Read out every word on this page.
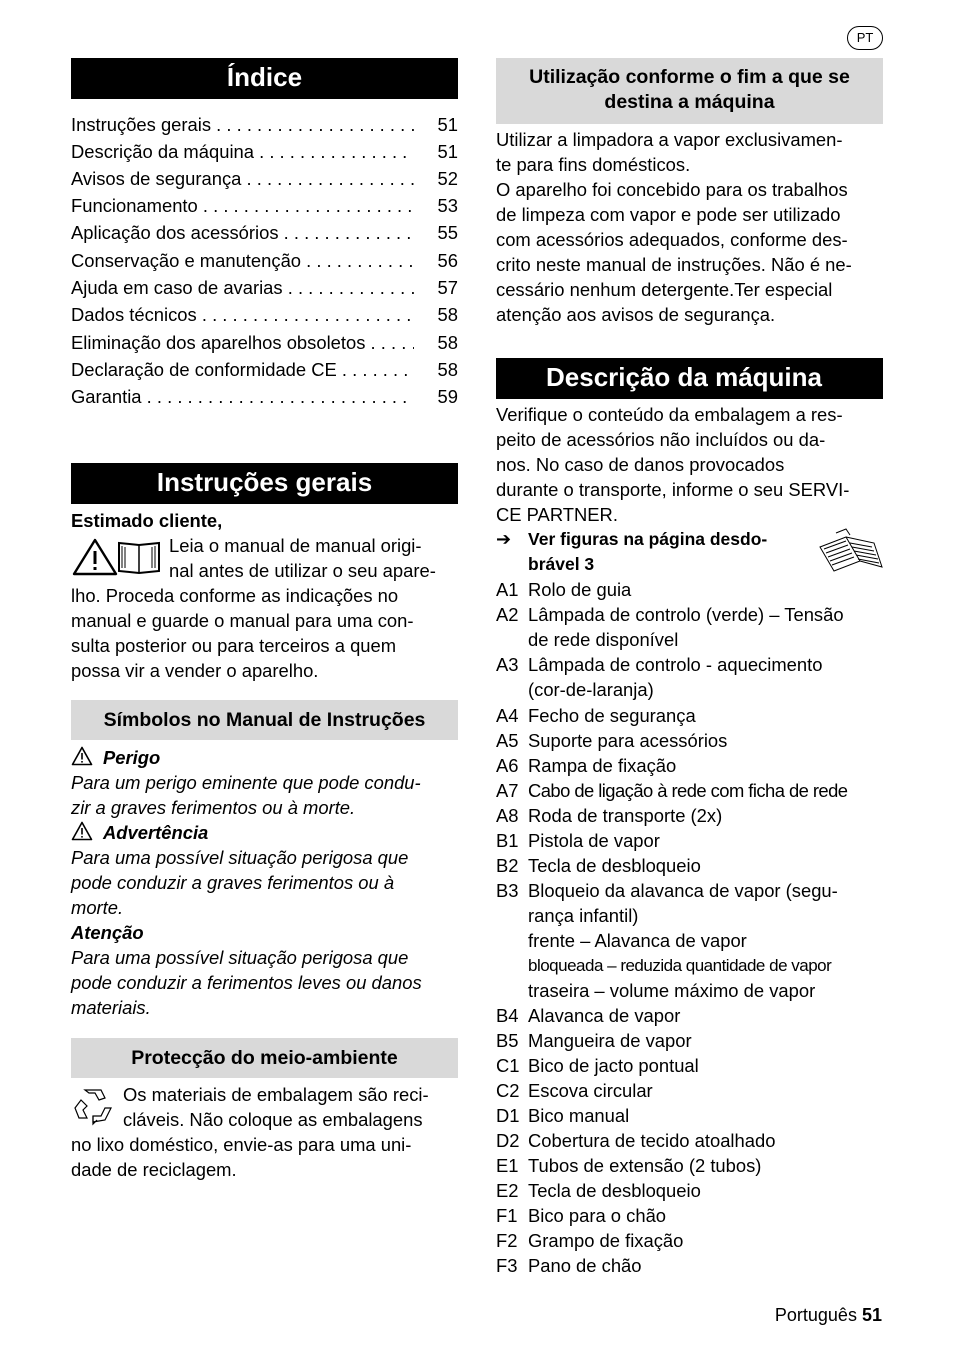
PT
Índice
Instruções gerais . . .	51
Descrição da máquina . . .	51
Avisos de segurança . . .	52
Funcionamento . . .	53
Aplicação dos acessórios . . .	55
Conservação e manutenção . . .	56
Ajuda em caso de avarias . . .	57
Dados técnicos . . .	58
Eliminação dos aparelhos obsoletos . . .	58
Declaração de conformidade CE . . .	58
Garantia . . .	59
Instruções gerais

Estimado cliente,

Leia o manual de manual origi-

nal antes de utilizar o seu apare-

lho. Proceda conforme as indicações no

manual e guarde o manual para uma con-

sulta posterior ou para terceiros a quem

possa vir a vender o aparelho.

Símbolos no Manual de Instruções

Perigo

Para um perigo eminente que pode condu-

zir a graves ferimentos ou à morte.

Advertência

Para uma possível situação perigosa que

pode conduzir a graves ferimentos ou à

morte.

Atenção

Para uma possível situação perigosa que

pode conduzir a ferimentos leves ou danos

materiais.

Protecção do meio-ambiente

Os materiais de embalagem são reci-

cláveis. Não coloque as embalagens

no lixo doméstico, envie-as para uma uni-

dade de reciclagem.

Utilização conforme o fim a que se
destina a máquina

Utilizar a limpadora a vapor exclusivamen-

te para fins domésticos.

O aparelho foi concebido para os trabalhos

de limpeza com vapor e pode ser utilizado

com acessórios adequados, conforme des-

crito neste manual de instruções. Não é ne-

cessário nenhum detergente.Ter especial

atenção aos avisos de segurança.

Descrição da máquina

Verifique o conteúdo da embalagem a res-

peito de acessórios não incluídos ou da-

nos. No caso de danos provocados

durante o transporte, informe o seu SERVI-

CE PARTNER.

➔ Ver figuras na página desdo-

brável 3

A1 Rolo de guia
A2 Lâmpada de controlo (verde) – Tensão
de rede disponível
A3 Lâmpada de controlo - aquecimento
(cor-de-laranja)
A4 Fecho de segurança
A5 Suporte para acessórios
A6 Rampa de fixação
A7 Cabo de ligação à rede com ficha de rede
A8 Roda de transporte (2x)
B1 Pistola de vapor
B2 Tecla de desbloqueio
B3 Bloqueio da alavanca de vapor (segu-
rança infantil)
frente – Alavanca de vapor
bloqueada – reduzida quantidade de vapor
traseira – volume máximo de vapor
B4 Alavanca de vapor
B5 Mangueira de vapor
C1 Bico de jacto pontual
C2 Escova circular
D1 Bico manual
D2 Cobertura de tecido atoalhado
E1 Tubos de extensão (2 tubos)
E2 Tecla de desbloqueio
F1 Bico para o chão
F2 Grampo de fixação
F3 Pano de chão
Português 51
